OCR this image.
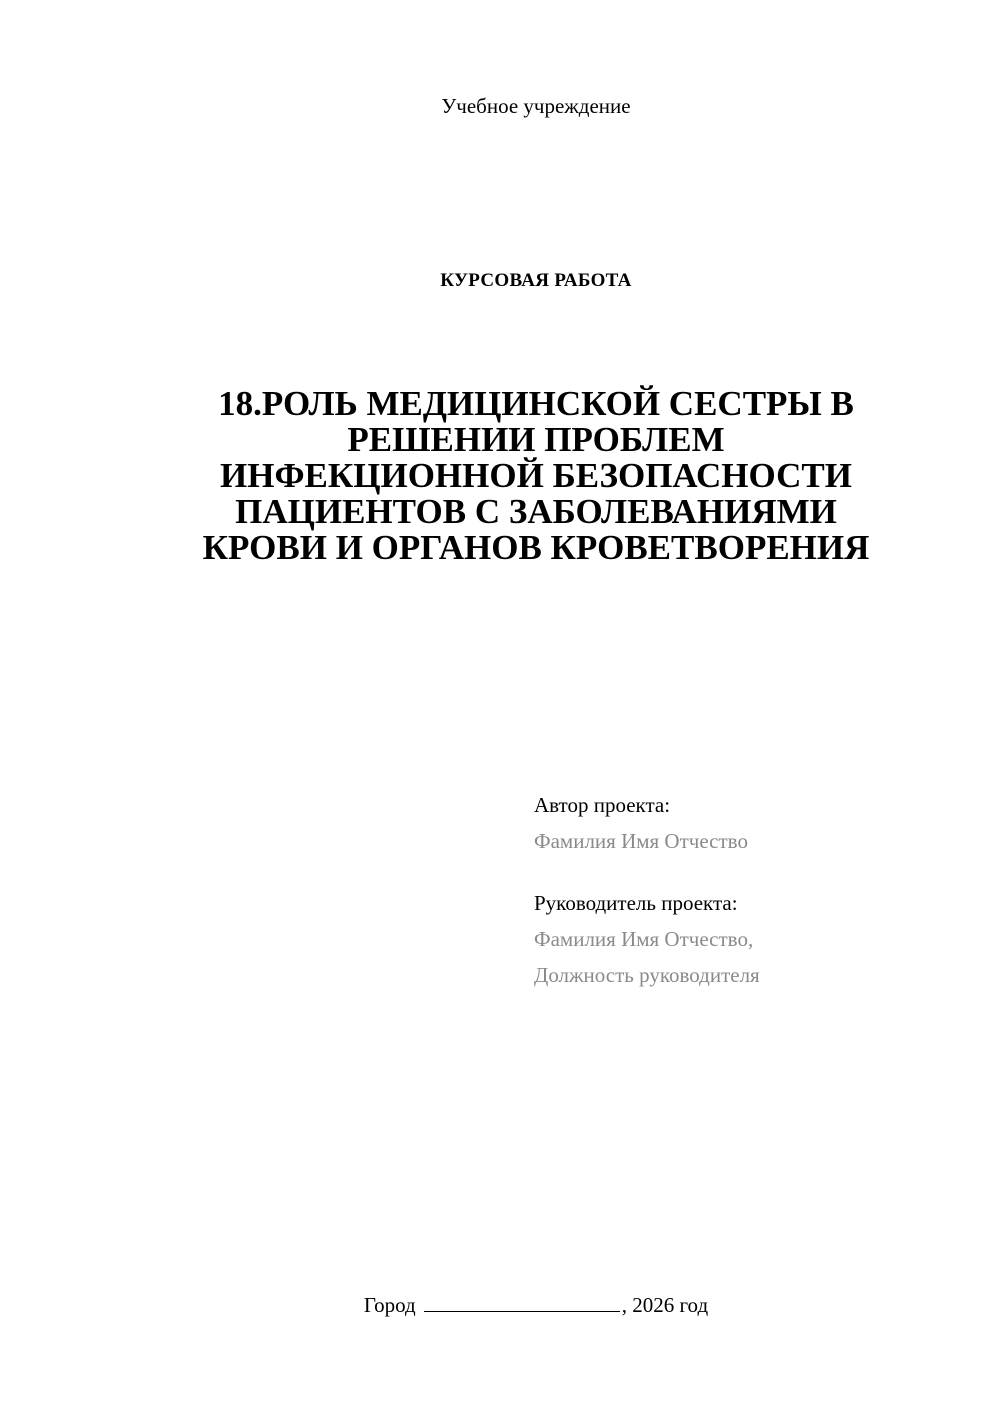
Учебное учреждение
КУРСОВАЯ РАБОТА
18.РОЛЬ МЕДИЦИНСКОЙ СЕСТРЫ В
РЕШЕНИИ ПРОБЛЕМ
ИНФЕКЦИОННОЙ БЕЗОПАСНОСТИ
ПАЦИЕНТОВ С ЗАБОЛЕВАНИЯМИ
КРОВИ И ОРГАНОВ КРОВЕТВОРЕНИЯ
Автор проекта:
Фамилия Имя Отчество
Руководитель проекта:
Фамилия Имя Отчество,
Должность руководителя
Город	, 2026 год
